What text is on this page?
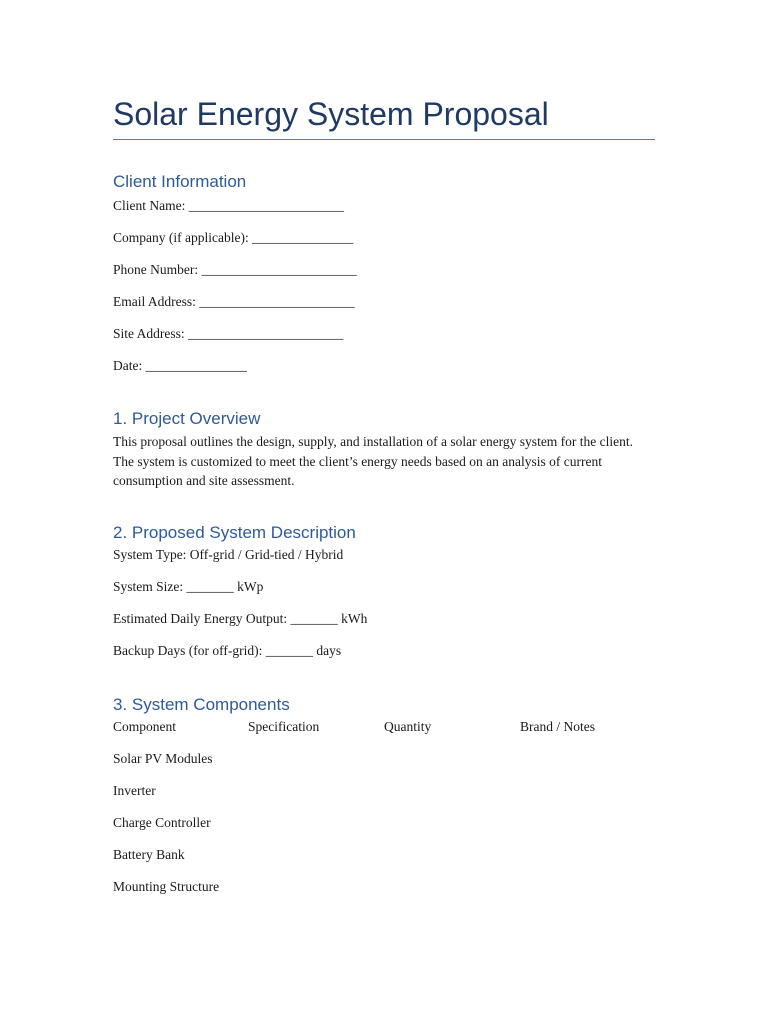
Solar Energy System Proposal
Client Information

Client Name: _______________________

Company (if applicable): _______________

Phone Number: _______________________

Email Address: _______________________

Site Address: _______________________

Date: _______________

1. Project Overview

This proposal outlines the design, supply, and installation of a solar energy system for the client. The system is customized to meet the client’s energy needs based on an analysis of current consumption and site assessment.

2. Proposed System Description

System Type: Off-grid / Grid-tied / Hybrid

System Size: _______ kWp

Estimated Daily Energy Output: _______ kWh

Backup Days (for off-grid): _______ days

3. System Components

Component	Specification	Quantity	Brand / Notes

Solar PV Modules

Inverter

Charge Controller

Battery Bank

Mounting Structure
